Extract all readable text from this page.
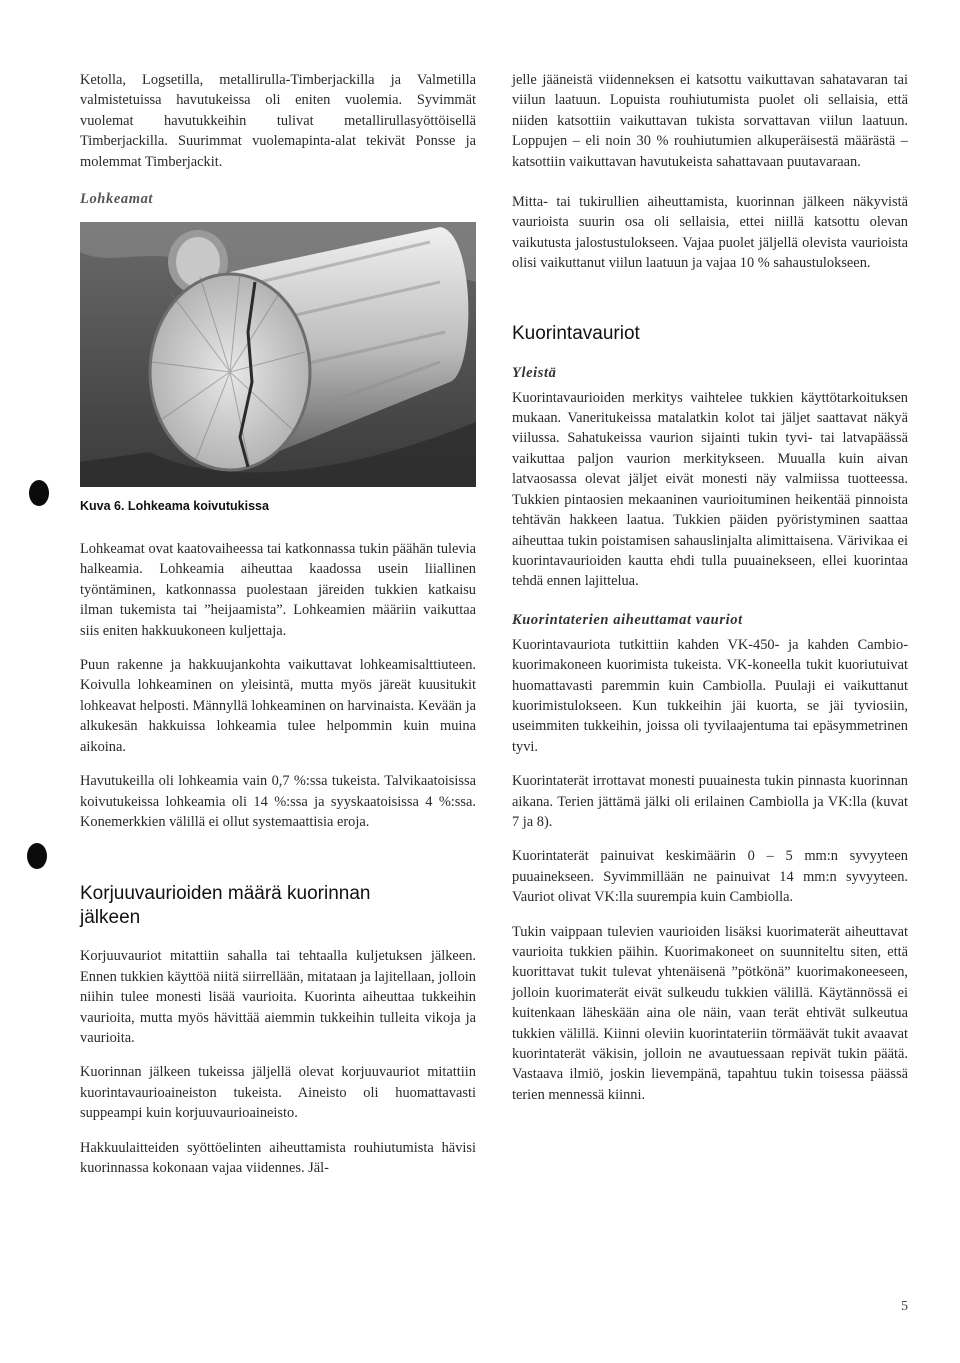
Ketolla, Logsetilla, metallirulla-Timberjackilla ja Valmetilla valmistetuissa havutukeissa oli eniten vuolemia. Syvimmät vuolemat havutukkeihin tulivat metallirullasyöttöisellä Timberjackilla. Suurimmat vuolemapinta-alat tekivät Ponsse ja molemmat Timberjackit.

Lohkeamat
Kuva 6. Lohkeama koivutukissa

Lohkeamat ovat kaatovaiheessa tai katkonnassa tukin päähän tulevia halkeamia. Lohkeamia aiheuttaa kaadossa usein liiallinen työntäminen, katkonnassa puolestaan järeiden tukkien katkaisu ilman tukemista tai ”heijaamista”. Lohkeamien määriin vaikuttaa siis eniten hakkuukoneen kuljettaja.

Puun rakenne ja hakkuujankohta vaikuttavat lohkeamisalttiuteen. Koivulla lohkeaminen on yleisintä, mutta myös järeät kuusitukit lohkeavat helposti. Männyllä lohkeaminen on harvinaista. Kevään ja alkukesän hakkuissa lohkeamia tulee helpommin kuin muina aikoina.

Havutukeilla oli lohkeamia vain 0,7 %:ssa tukeista. Talvikaatoisissa koivutukeissa lohkeamia oli 14 %:ssa ja syyskaatoisissa 4 %:ssa. Konemerkkien välillä ei ollut systemaattisia eroja.

Korjuuvaurioiden määrä kuorinnan jälkeen

Korjuuvauriot mitattiin sahalla tai tehtaalla kuljetuksen jälkeen. Ennen tukkien käyttöä niitä siirrellään, mitataan ja lajitellaan, jolloin niihin tulee monesti lisää vaurioita. Kuorinta aiheuttaa tukkeihin vaurioita, mutta myös hävittää aiemmin tukkeihin tulleita vikoja ja vaurioita.

Kuorinnan jälkeen tukeissa jäljellä olevat korjuuvauriot mitattiin kuorintavaurioaineiston tukeista. Aineisto oli huomattavasti suppeampi kuin korjuuvaurioaineisto.

Hakkuulaitteiden syöttöelinten aiheuttamista rouhiutumista hävisi kuorinnassa kokonaan vajaa viidennes. Jäl-

jelle jääneistä viidenneksen ei katsottu vaikuttavan sahatavaran tai viilun laatuun. Lopuista rouhiutumista puolet oli sellaisia, että niiden katsottiin vaikuttavan tukista sorvattavan viilun laatuun. Loppujen – eli noin 30 % rouhiutumien alkuperäisestä määrästä – katsottiin vaikuttavan havutukeista sahattavaan puutavaraan.

Mitta- tai tukirullien aiheuttamista, kuorinnan jälkeen näkyvistä vaurioista suurin osa oli sellaisia, ettei niillä katsottu olevan vaikutusta jalostustulokseen. Vajaa puolet jäljellä olevista vaurioista olisi vaikuttanut viilun laatuun ja vajaa 10 % sahaustulokseen.

Kuorintavauriot
Yleistä

Kuorintavaurioiden merkitys vaihtelee tukkien käyttötarkoituksen mukaan. Vaneritukeissa matalatkin kolot tai jäljet saattavat näkyä viilussa. Sahatukeissa vaurion sijainti tukin tyvi- tai latvapäässä vaikuttaa paljon vaurion merkitykseen. Muualla kuin aivan latvaosassa olevat jäljet eivät monesti näy valmiissa tuotteessa. Tukkien pintaosien mekaaninen vaurioituminen heikentää pinnoista tehtävän hakkeen laatua. Tukkien päiden pyöristyminen saattaa aiheuttaa tukin poistamisen sahauslinjalta alimittaisena. Värivikaa ei kuorintavaurioiden kautta ehdi tulla puuainekseen, ellei kuorintaa tehdä ennen lajittelua.

Kuorintaterien aiheuttamat vauriot

Kuorintavauriota tutkittiin kahden VK-450- ja kahden Cambio-kuorimakoneen kuorimista tukeista. VK-koneella tukit kuoriutuivat huomattavasti paremmin kuin Cambiolla. Puulaji ei vaikuttanut kuorimistulokseen. Kun tukkeihin jäi kuorta, se jäi tyviosiin, useimmiten tukkeihin, joissa oli tyvilaajentuma tai epäsymmetrinen tyvi.

Kuorintaterät irrottavat monesti puuainesta tukin pinnasta kuorinnan aikana. Terien jättämä jälki oli erilainen Cambiolla ja VK:lla (kuvat 7 ja 8).

Kuorintaterät painuivat keskimäärin 0 – 5 mm:n syvyyteen puuainekseen. Syvimmillään ne painuivat 14 mm:n syvyyteen. Vauriot olivat VK:lla suurempia kuin Cambiolla.

Tukin vaippaan tulevien vaurioiden lisäksi kuorimaterät aiheuttavat vaurioita tukkien päihin. Kuorimakoneet on suunniteltu siten, että kuorittavat tukit tulevat yhtenäisenä ”pötkönä” kuorimakoneeseen, jolloin kuorimaterät eivät sulkeudu tukkien välillä. Käytännössä ei kuitenkaan läheskään aina ole näin, vaan terät ehtivät sulkeutua tukkien välillä. Kiinni oleviin kuorintateriin törmäävät tukit avaavat kuorintaterät väkisin, jolloin ne avautuessaan repivät tukin päätä. Vastaava ilmiö, joskin lievempänä, tapahtuu tukin toisessa päässä terien mennessä kiinni.

5
